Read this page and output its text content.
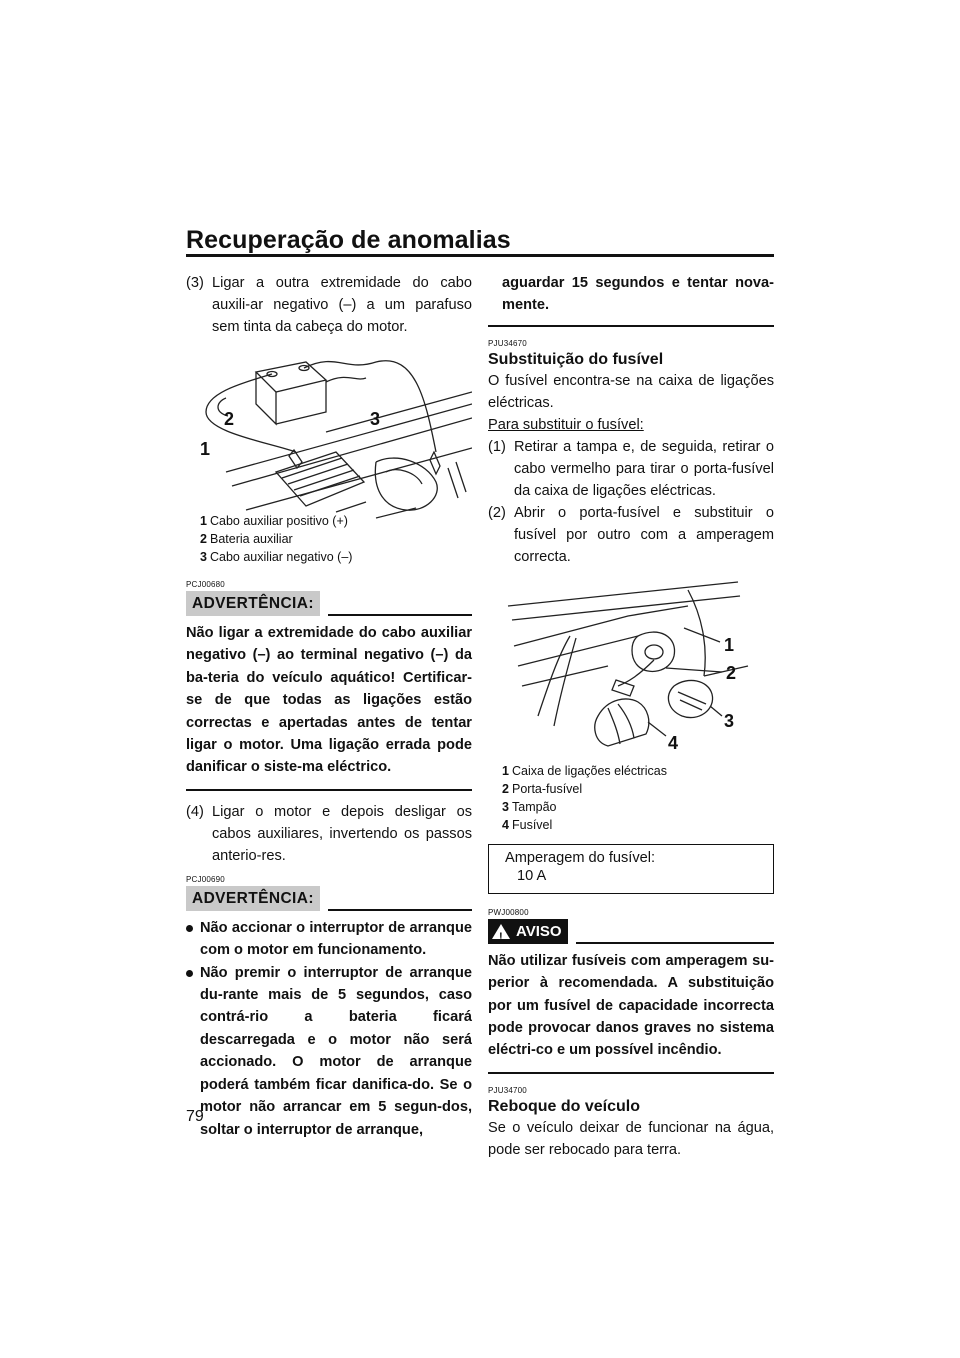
Recuperação de anomalias
(3) Ligar a outra extremidade do cabo auxili-ar negativo (–) a um parafuso sem tinta da cabeça do motor.
1
2	3
1 Cabo auxiliar positivo (+)
2 Bateria auxiliar
3 Cabo auxiliar negativo (–)
PCJ00680
ADVERTÊNCIA:
Não ligar a extremidade do cabo auxiliar negativo (–) ao terminal negativo (–) da ba-teria do veículo aquático! Certificar-se de que todas as ligações estão correctas e apertadas antes de tentar ligar o motor. Uma ligação errada pode danificar o siste-ma eléctrico.
(4) Ligar o motor e depois desligar os cabos auxiliares, invertendo os passos anterio-res.
PCJ00690
ADVERTÊNCIA:
Não accionar o interruptor de arranque com o motor em funcionamento.
Não premir o interruptor de arranque du-rante mais de 5 segundos, caso contrá-rio a bateria ficará descarregada e o motor não será accionado. O motor de arranque poderá também ficar danifica-do. Se o motor não arrancar em 5 segun-dos, soltar o interruptor de arranque,
aguardar 15 segundos e tentar nova-mente.
PJU34670
Substituição do fusível
O fusível encontra-se na caixa de ligações eléctricas.
Para substituir o fusível:
(1) Retirar a tampa e, de seguida, retirar o cabo vermelho para tirar o porta-fusível da caixa de ligações eléctricas.
(2) Abrir o porta-fusível e substituir o fusível por outro com a amperagem correcta.
1
2
3
4
1 Caixa de ligações eléctricas
2 Porta-fusível
3 Tampão
4 Fusível
Amperagem do fusível:
10 A
PWJ00800
! AVISO
Não utilizar fusíveis com amperagem su-perior à recomendada. A substituição por um fusível de capacidade incorrecta pode provocar danos graves no sistema eléctri-co e um possível incêndio.
PJU34700
Reboque do veículo
Se o veículo deixar de funcionar na água, pode ser rebocado para terra.
79
